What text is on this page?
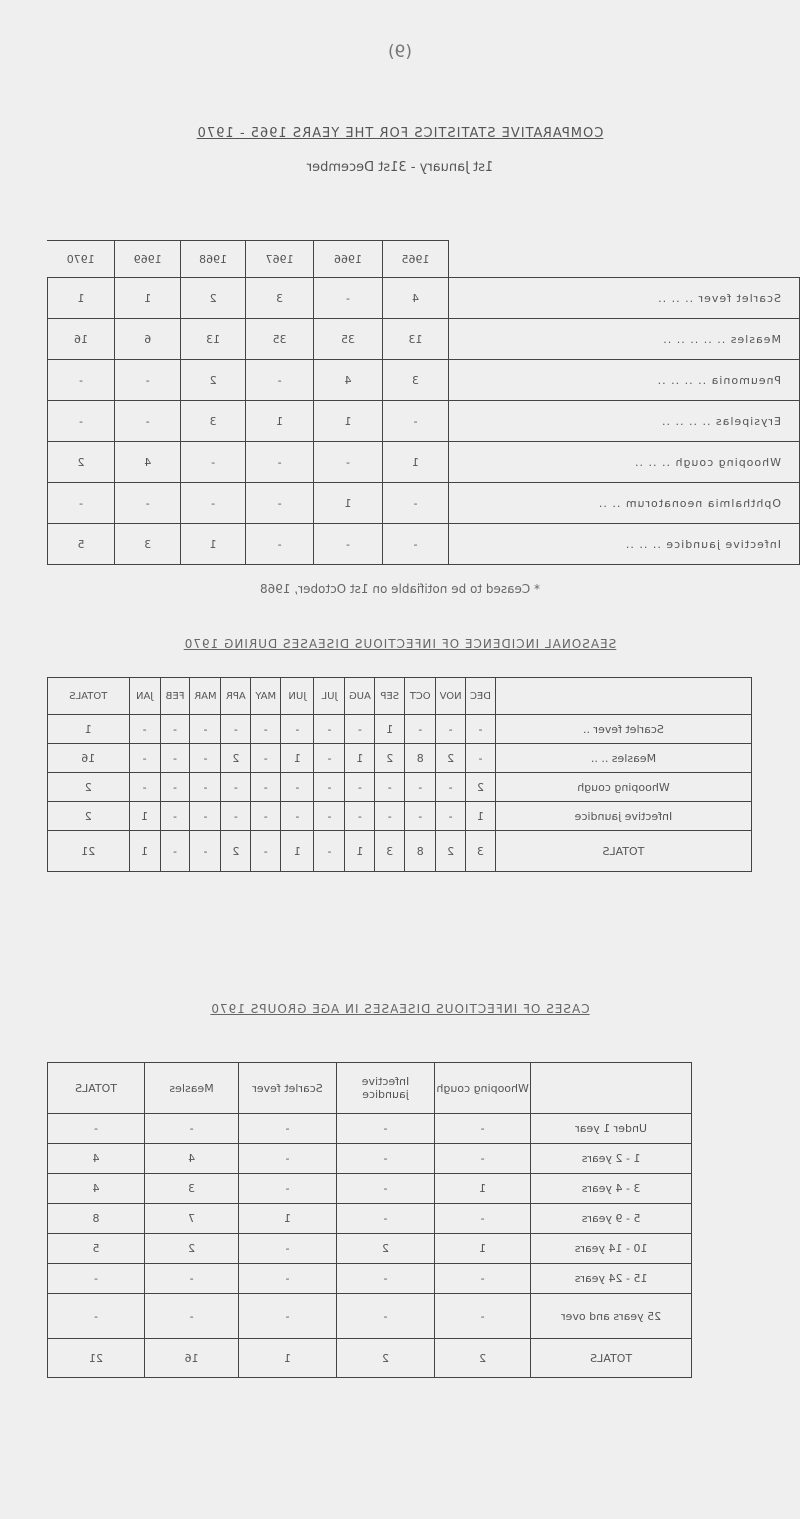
(9)
COMPARATIVE STATISTICS FOR THE YEARS 1965 - 1970
1st January - 31st December
	1965	1966	1967	1968	1969	1970
Scarlet fever .. .. ..	4	-	3	2	1	1
Measles .. .. .. .. ..	13	35	35	13	6	16
Pneumonia .. .. .. ..	3	4	-	2	-	-
Erysipelas .. .. .. ..	-	1	1	3	-	-
Whooping cough .. .. ..	1	-	-	-	4	2
Ophthalmia neonatorum .. ..	-	1	-	-	-	-
Infective jaundice .. .. ..	-	-	-	1	3	5
* Ceased to be notifiable on 1st October, 1968
SEASONAL INCIDENCE OF INFECTIOUS DISEASES DURING 1970
	DEC	NOV	OCT	SEP	AUG	JUL	JUN	MAY	APR	MAR	FEB	JAN	TOTALS
Scarlet fever ..	-	-	-	1	-	-	-	-	-	-	-	-	1
Measles .. ..	-	2	8	2	1	-	1	-	2	-	-	-	16
Whooping cough	2	-	-	-	-	-	-	-	-	-	-	-	2
Infective jaundice	1	-	-	-	-	-	-	-	-	-	-	1	2
TOTALS	3	2	8	3	1	-	1	-	2	-	-	1	21
CASES OF INFECTIOUS DISEASES IN AGE GROUPS 1970
	Whooping cough	Infective jaundice	Scarlet fever	Measles	TOTALS
Under 1 year	-	-	-	-	-
1 - 2 years	-	-	-	4	4
3 - 4 years	1	-	-	3	4
5 - 9 years	-	-	1	7	8
10 - 14 years	1	2	-	2	5
15 - 24 years	-	-	-	-	-
25 years and over	-	-	-	-	-
TOTALS	2	2	1	16	21
